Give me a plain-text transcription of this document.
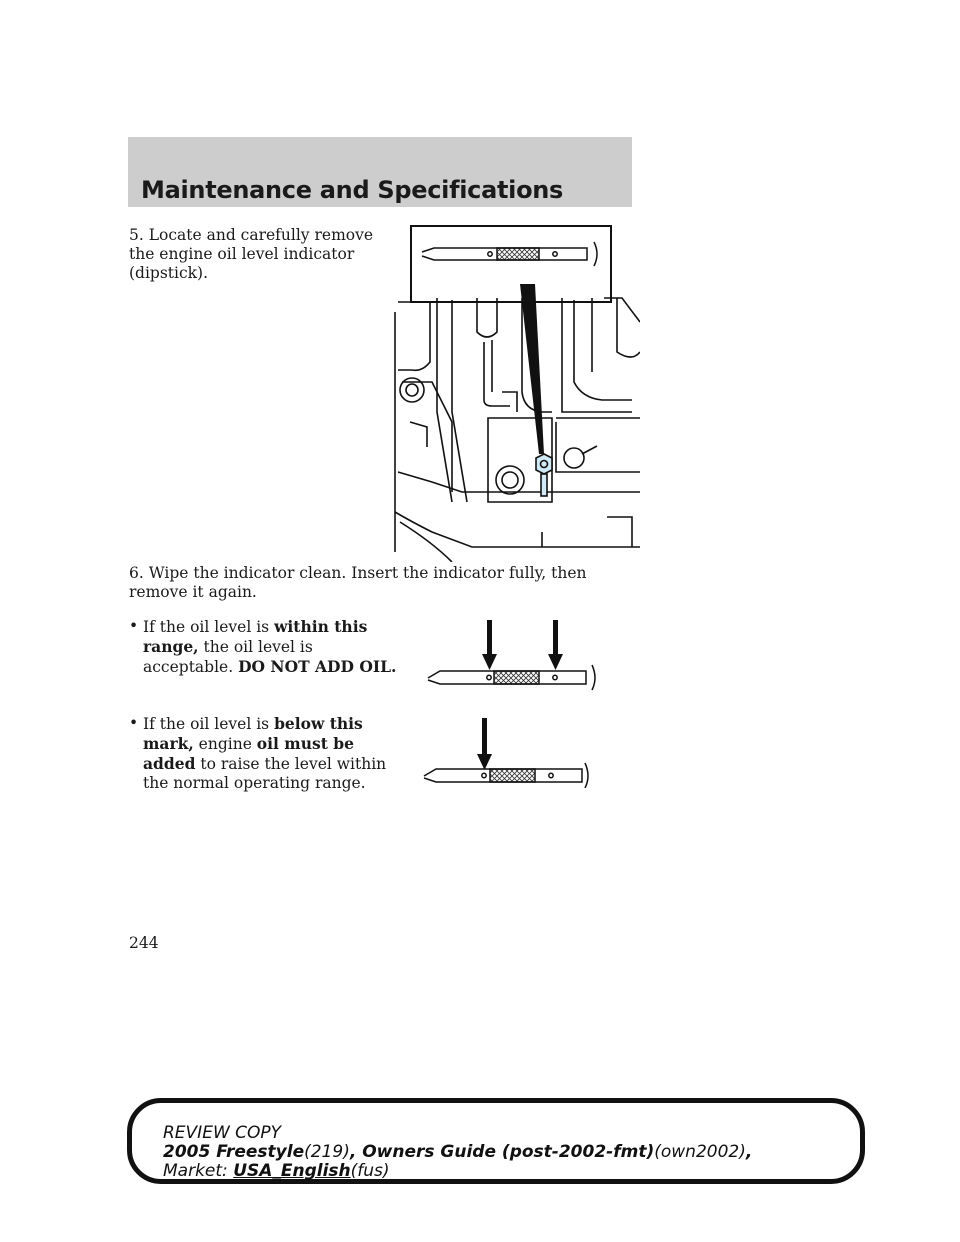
Maintenance and Specifications

5. Locate and carefully remove the engine oil level indicator (dipstick).

6. Wipe the indicator clean. Insert the indicator fully, then remove it again.

• If the oil level is within this range, the oil level is acceptable. DO NOT ADD OIL.
• If the oil level is below this mark, engine oil must be added to raise the level within the normal operating range.

244

REVIEW COPY
2005 Freestyle(219), Owners Guide (post-2002-fmt)(own2002),
Market: USA_English(fus)
